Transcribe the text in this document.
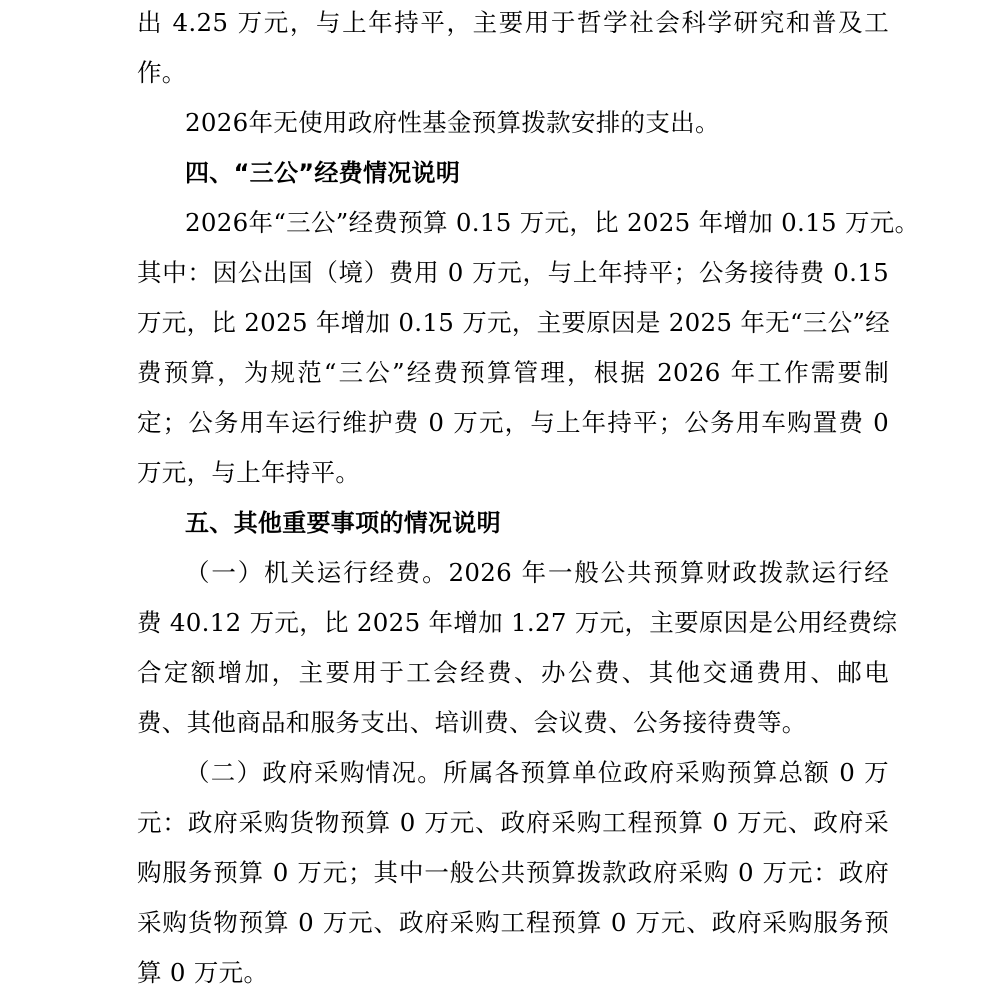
出 4.25 万元，与上年持平，主要用于哲学社会科学研究和普及工
作。
2026年无使用政府性基金预算拨款安排的支出。
四、“三公”经费情况说明
2026年“三公”经费预算 0.15 万元，比 2025 年增加 0.15 万元。
其中：因公出国（境）费用 0 万元，与上年持平；公务接待费 0.15
万元，比 2025 年增加 0.15 万元，主要原因是 2025 年无“三公”经
费预算，为规范“三公”经费预算管理，根据 2026 年工作需要制
定；公务用车运行维护费 0 万元，与上年持平；公务用车购置费 0
万元，与上年持平。
五、其他重要事项的情况说明
（一）机关运行经费。2026 年一般公共预算财政拨款运行经
费 40.12 万元，比 2025 年增加 1.27 万元，主要原因是公用经费综
合定额增加，主要用于工会经费、办公费、其他交通费用、邮电
费、其他商品和服务支出、培训费、会议费、公务接待费等。
（二）政府采购情况。所属各预算单位政府采购预算总额 0 万
元：政府采购货物预算 0 万元、政府采购工程预算 0 万元、政府采
购服务预算 0 万元；其中一般公共预算拨款政府采购 0 万元：政府
采购货物预算 0 万元、政府采购工程预算 0 万元、政府采购服务预
算 0 万元。
